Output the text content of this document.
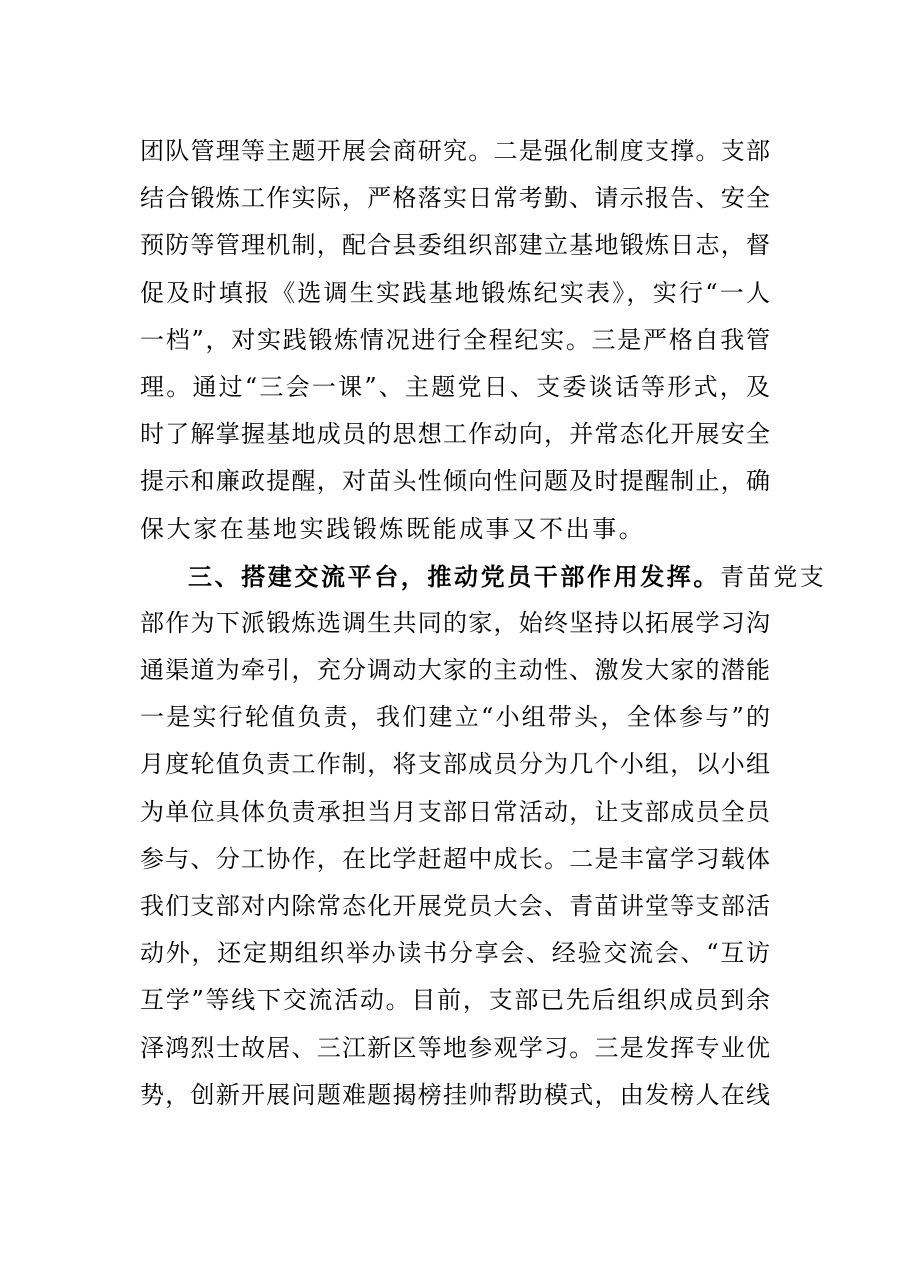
团队管理等主题开展会商研究。二是强化制度支撑。支部
结合锻炼工作实际，严格落实日常考勤、请示报告、安全
预防等管理机制，配合县委组织部建立基地锻炼日志，督
促及时填报《选调生实践基地锻炼纪实表》，实行“一人
一档”，对实践锻炼情况进行全程纪实。三是严格自我管
理。通过“三会一课”、主题党日、支委谈话等形式，及
时了解掌握基地成员的思想工作动向，并常态化开展安全
提示和廉政提醒，对苗头性倾向性问题及时提醒制止，确
保大家在基地实践锻炼既能成事又不出事。
三、搭建交流平台，推动党员干部作用发挥。青苗党支
部作为下派锻炼选调生共同的家，始终坚持以拓展学习沟
通渠道为牵引，充分调动大家的主动性、激发大家的潜能
一是实行轮值负责，我们建立“小组带头，全体参与”的
月度轮值负责工作制，将支部成员分为几个小组，以小组
为单位具体负责承担当月支部日常活动，让支部成员全员
参与、分工协作，在比学赶超中成长。二是丰富学习载体
我们支部对内除常态化开展党员大会、青苗讲堂等支部活
动外，还定期组织举办读书分享会、经验交流会、“互访
互学”等线下交流活动。目前，支部已先后组织成员到余
泽鸿烈士故居、三江新区等地参观学习。三是发挥专业优
势，创新开展问题难题揭榜挂帅帮助模式，由发榜人在线
